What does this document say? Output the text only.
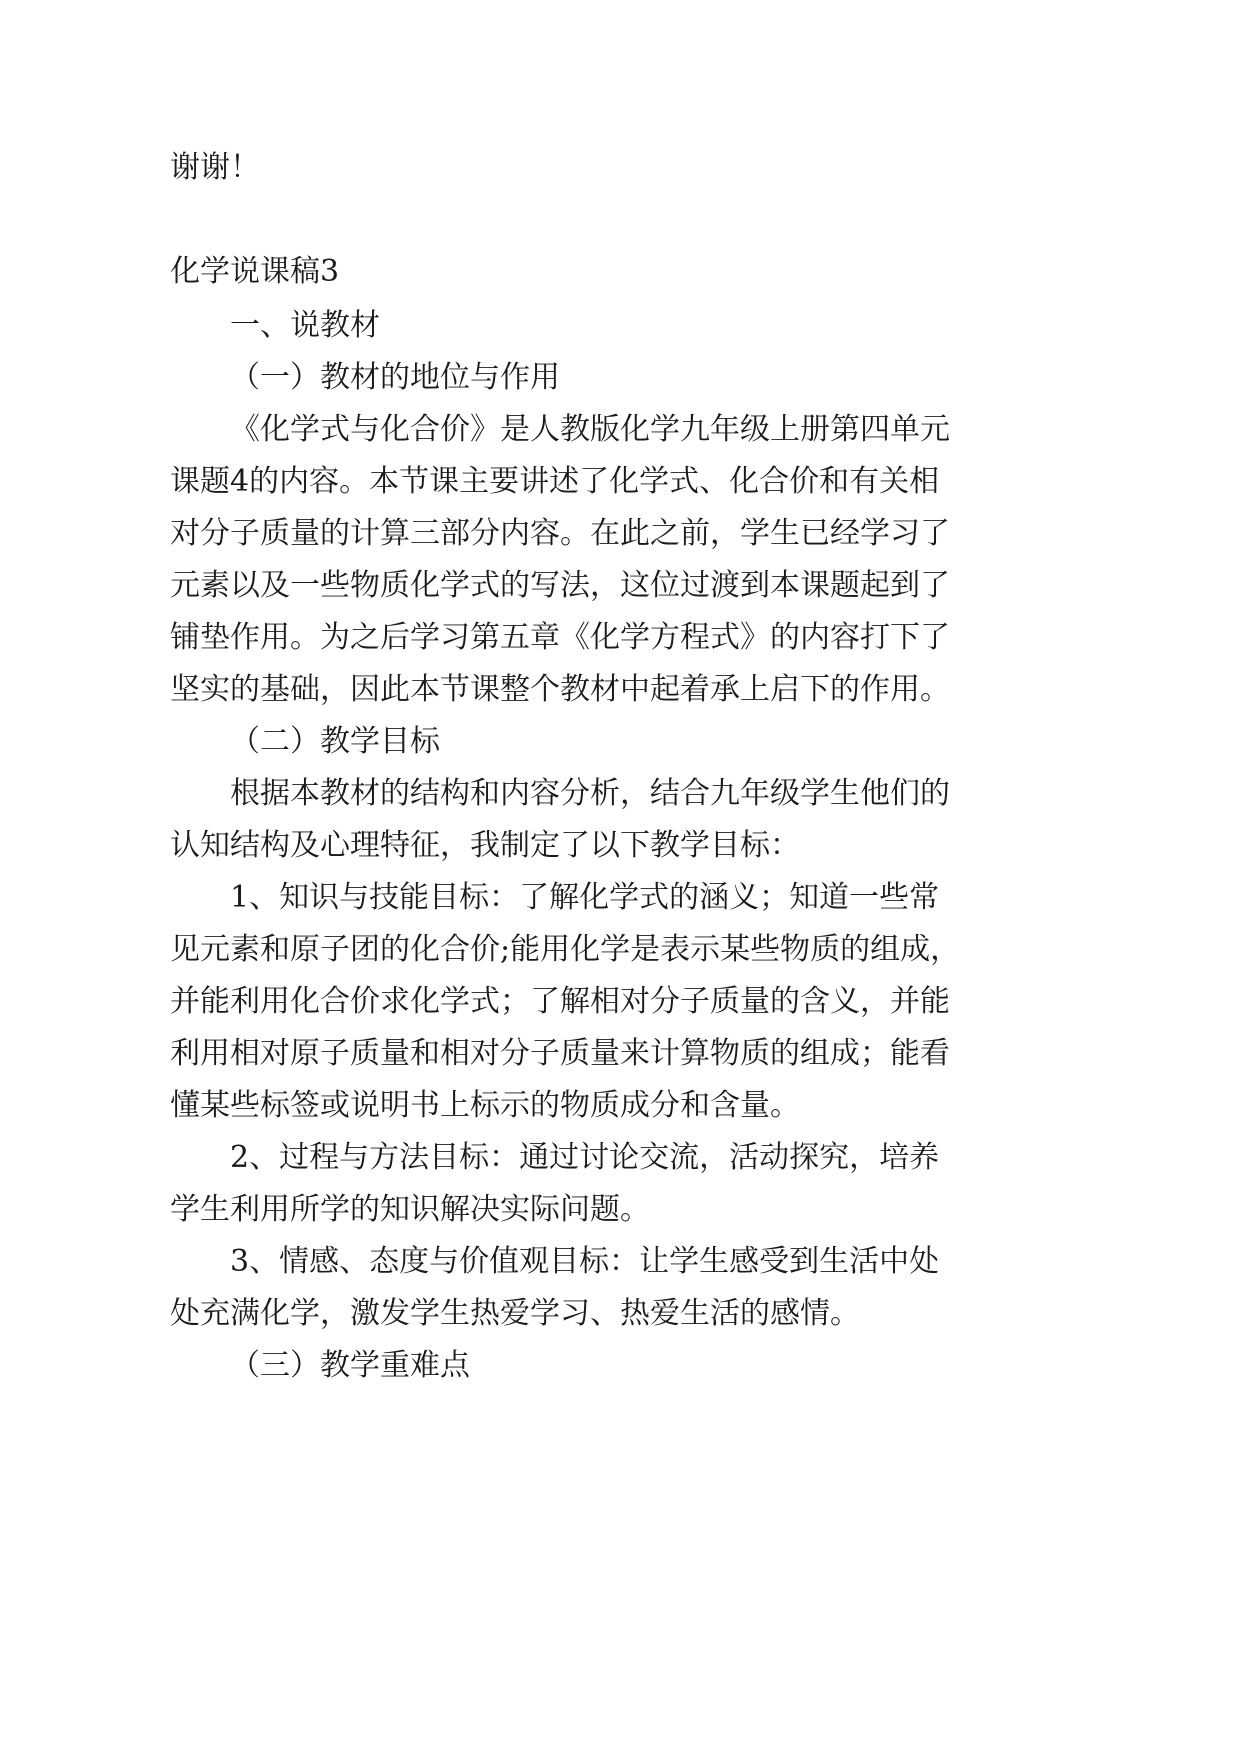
谢谢！
化学说课稿3
一、说教材
（一）教材的地位与作用
《化学式与化合价》是人教版化学九年级上册第四单元
课题4的内容。本节课主要讲述了化学式、化合价和有关相
对分子质量的计算三部分内容。在此之前，学生已经学习了
元素以及一些物质化学式的写法，这位过渡到本课题起到了
铺垫作用。为之后学习第五章《化学方程式》的内容打下了
坚实的基础，因此本节课整个教材中起着承上启下的作用。
（二）教学目标
根据本教材的结构和内容分析，结合九年级学生他们的
认知结构及心理特征，我制定了以下教学目标：
1、知识与技能目标：了解化学式的涵义；知道一些常
见元素和原子团的化合价;能用化学是表示某些物质的组成，
并能利用化合价求化学式；了解相对分子质量的含义，并能
利用相对原子质量和相对分子质量来计算物质的组成；能看
懂某些标签或说明书上标示的物质成分和含量。
2、过程与方法目标：通过讨论交流，活动探究，培养
学生利用所学的知识解决实际问题。
3、情感、态度与价值观目标：让学生感受到生活中处
处充满化学，激发学生热爱学习、热爱生活的感情。
（三）教学重难点
